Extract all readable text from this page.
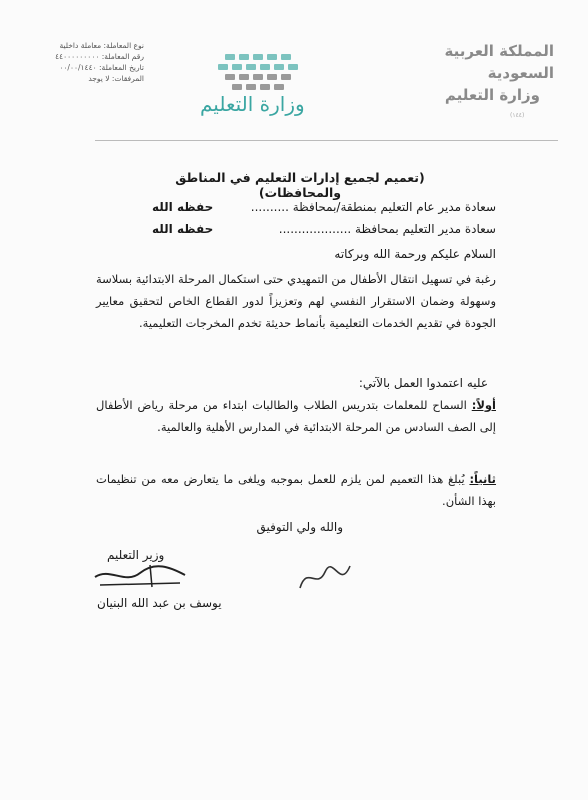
نوع المعاملة: معاملة داخلية
رقم المعاملة: ٤٤٠٠٠٠٠٠٠٠٠
تاريخ المعاملة: ٠٠/٠٠/١٤٤٠
المرفقات: لا يوجد
وزارة التعليم
المملكة العربية السعودية
وزارة التعليم
(١٤٤)
(تعميم لجميع إدارات التعليم في المناطق والمحافظات)
سعادة مدير عام التعليم بمنطقة/بمحافظة ..........
حفظه الله
سعادة مدير التعليم بمحافظة ...................
حفظه الله
السلام عليكم ورحمة الله وبركاته
رغبة في تسهيل انتقال الأطفال من التمهيدي حتى استكمال المرحلة الابتدائية بسلاسة وسهولة وضمان الاستقرار النفسي لهم وتعزيزاً لدور القطاع الخاص لتحقيق معايير الجودة في تقديم الخدمات التعليمية بأنماط حديثة تخدم المخرجات التعليمية.
عليه اعتمدوا العمل بالآتي:
أولاً: السماح للمعلمات بتدريس الطلاب والطالبات ابتداء من مرحلة رياض الأطفال إلى الصف السادس من المرحلة الابتدائية في المدارس الأهلية والعالمية.
ثانياً: يُبلغ هذا التعميم لمن يلزم للعمل بموجبه ويلغى ما يتعارض معه من تنظيمات بهذا الشأن.
والله ولي التوفيق
وزير التعليم
يوسف بن عبد الله البنيان
